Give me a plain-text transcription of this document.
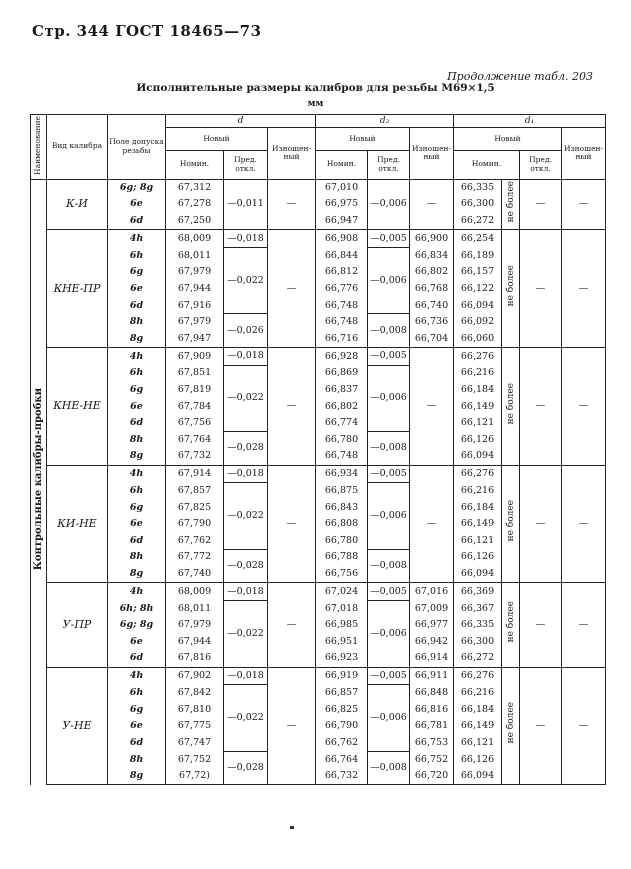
Стр. 344 ГОСТ 18465—73
Продолжение табл. 203
Исполнительные размеры калибров для резьбы M69×1,5
мм
Наименование	Вид калибра	Поле допуска резьбы	d			d₂			d₁			
			Новый		Изношен-ный	Новый		Изношен-ный	Новый			Изношен-ный
			Номин.	Пред. откл.		Номин.	Пред. откл.		Номин.		Пред. откл.	
Контрольные калибры-пробки	К-И	6g; 8g	67,312	—0,011	—	67,010	—0,006	—	66,335	не более	—	—
		6e	67,278			66,975			66,300			
		6d	67,250			66,947			66,272			
	КНЕ-ПР	4h	68,009	—0,018	—	66,908	—0,005	66,900	66,254	не более	—	—
		6h	68,011	—0,022		66,844	—0,006	66,834	66,189			
		6g	67,979			66,812		66,802	66,157			
		6e	67,944			66,776		66,768	66,122			
		6d	67,916			66,748		66,740	66,094			
		8h	67,979	—0,026		66,748	—0,008	66,736	66,092			
		8g	67,947			66,716		66,704	66,060			
	КНЕ-НЕ	4h	67,909	—0,018	—	66,928	—0,005	—	66,276	не более	—	—
		6h	67,851	—0,022		66,869	—0,006		66,216			
		6g	67,819			66,837			66,184			
		6e	67,784			66,802			66,149			
		6d	67,756			66,774			66,121			
		8h	67,764	—0,028		66,780	—0,008		66,126			
		8g	67,732			66,748			66,094			
	КИ-НЕ	4h	67,914	—0,018	—	66,934	—0,005	—	66,276	не более	—	—
		6h	67,857	—0,022		66,875	—0,006		66,216			
		6g	67,825			66,843			66,184			
		6e	67,790			66,808			66,149			
		6d	67,762			66,780			66,121			
		8h	67,772	—0,028		66,788	—0,008		66,126			
		8g	67,740			66,756			66,094			
	У-ПР	4h	68,009	—0,018	—	67,024	—0,005	67,016	66,369	не более	—	—
		6h; 8h	68,011	—0,022		67,018	—0,006	67,009	66,367			
		6g; 8g	67,979			66,985		66,977	66,335			
		6e	67,944			66,951		66,942	66,300			
		6d	67,816			66,923		66,914	66,272			
	У-НЕ	4h	67,902	—0,018	—	66,919	—0,005	66,911	66,276	не более	—	—
		6h	67,842	—0,022		66,857	—0,006	66,848	66,216			
		6g	67,810			66,825		66,816	66,184			
		6e	67,775			66,790		66,781	66,149			
		6d	67,747			66,762		66,753	66,121			
		8h	67,752	—0,028		66,764	—0,008	66,752	66,126			
		8g	67,72)			66,732		66,720	66,094			
